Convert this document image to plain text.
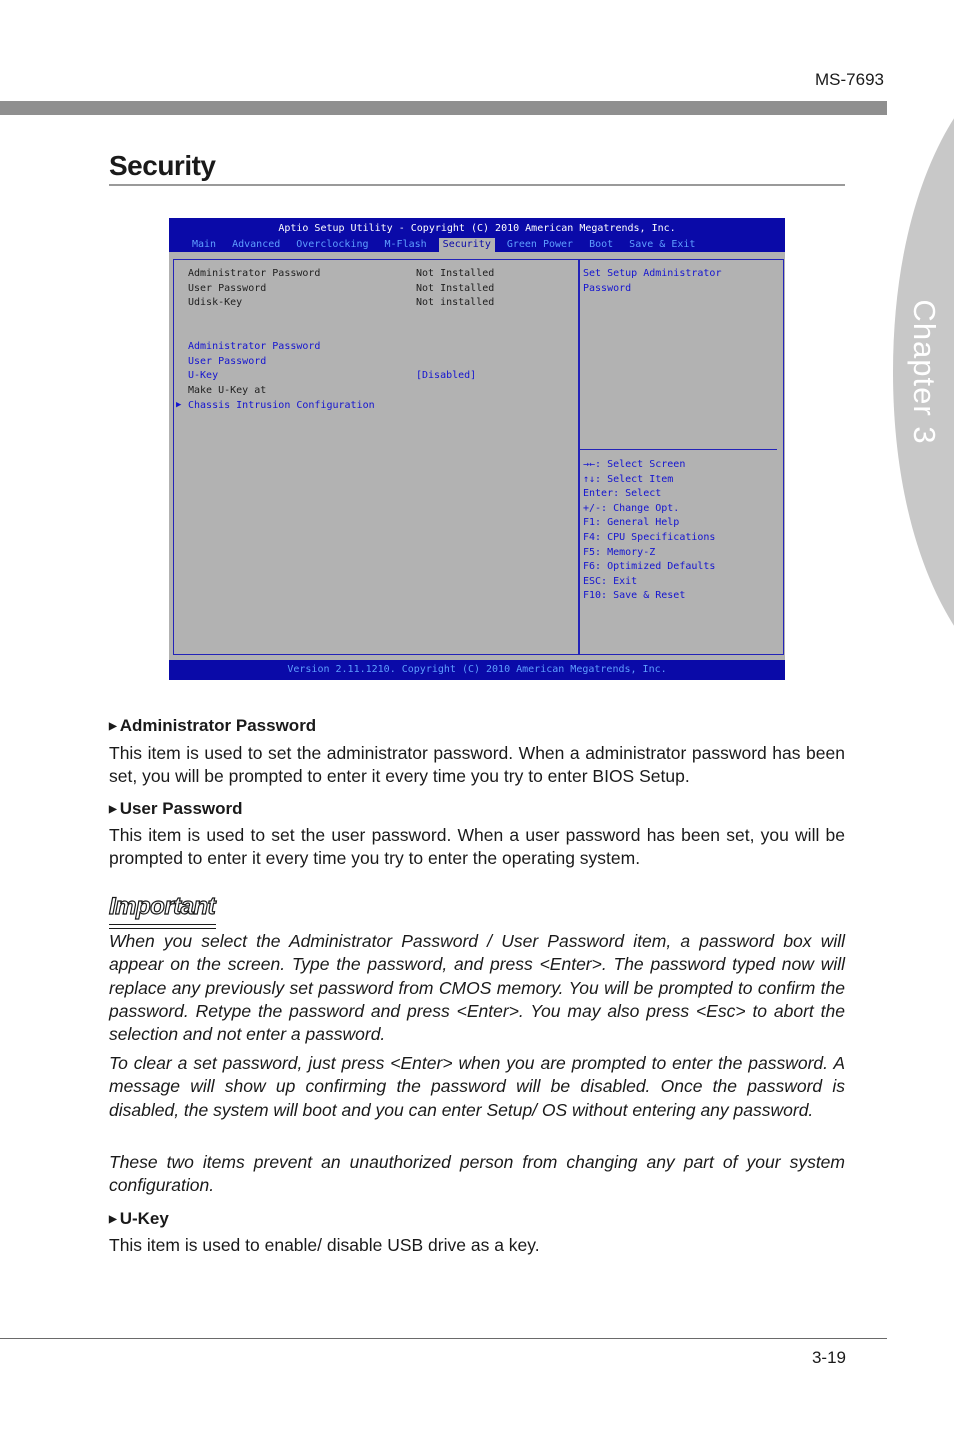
MS-7693
Chapter 3
Security
Aptio Setup Utility - Copyright (C) 2010 American Megatrends, Inc.
Main	Advanced	Overclocking	M-Flash	Security	Green Power	Boot	Save & Exit
Administrator Password	Not Installed
User Password	Not Installed
Udisk-Key	Not installed
Administrator Password
User Password
U-Key	[Disabled]
Make U-Key at
▶ Chassis Intrusion Configuration
Set Setup Administrator
Password
→←: Select Screen
↑↓: Select Item
Enter: Select
+/-: Change Opt.
F1: General Help
F4: CPU Specifications
F5: Memory-Z
F6: Optimized Defaults
ESC: Exit
F10: Save & Reset
Version 2.11.1210. Copyright (C) 2010 American Megatrends, Inc.
▶ Administrator Password

This item is used to set the administrator password. When a administrator password has been set, you will be prompted to enter it every time you try to enter BIOS Setup.

▶ User Password

This item is used to set the user password. When a user password has been set, you will be prompted to enter it every time you try to enter the operating system.

Important

When you select the Administrator Password / User Password item, a password box will appear on the screen. Type the password, and press <Enter>. The password typed now will replace any previously set password from CMOS memory. You will be prompted to confirm the password. Retype the password and press <Enter>. You may also press <Esc> to abort the selection and not enter a password.

To clear a set password, just press <Enter> when you are prompted to enter the password. A message will show up confirming the password will be disabled. Once the password is disabled, the system will boot and you can enter Setup/ OS without entering any password.

These two items prevent an unauthorized person from changing any part of your system configuration.

▶ U-Key

This item is used to enable/ disable USB drive as a key.

3-19
